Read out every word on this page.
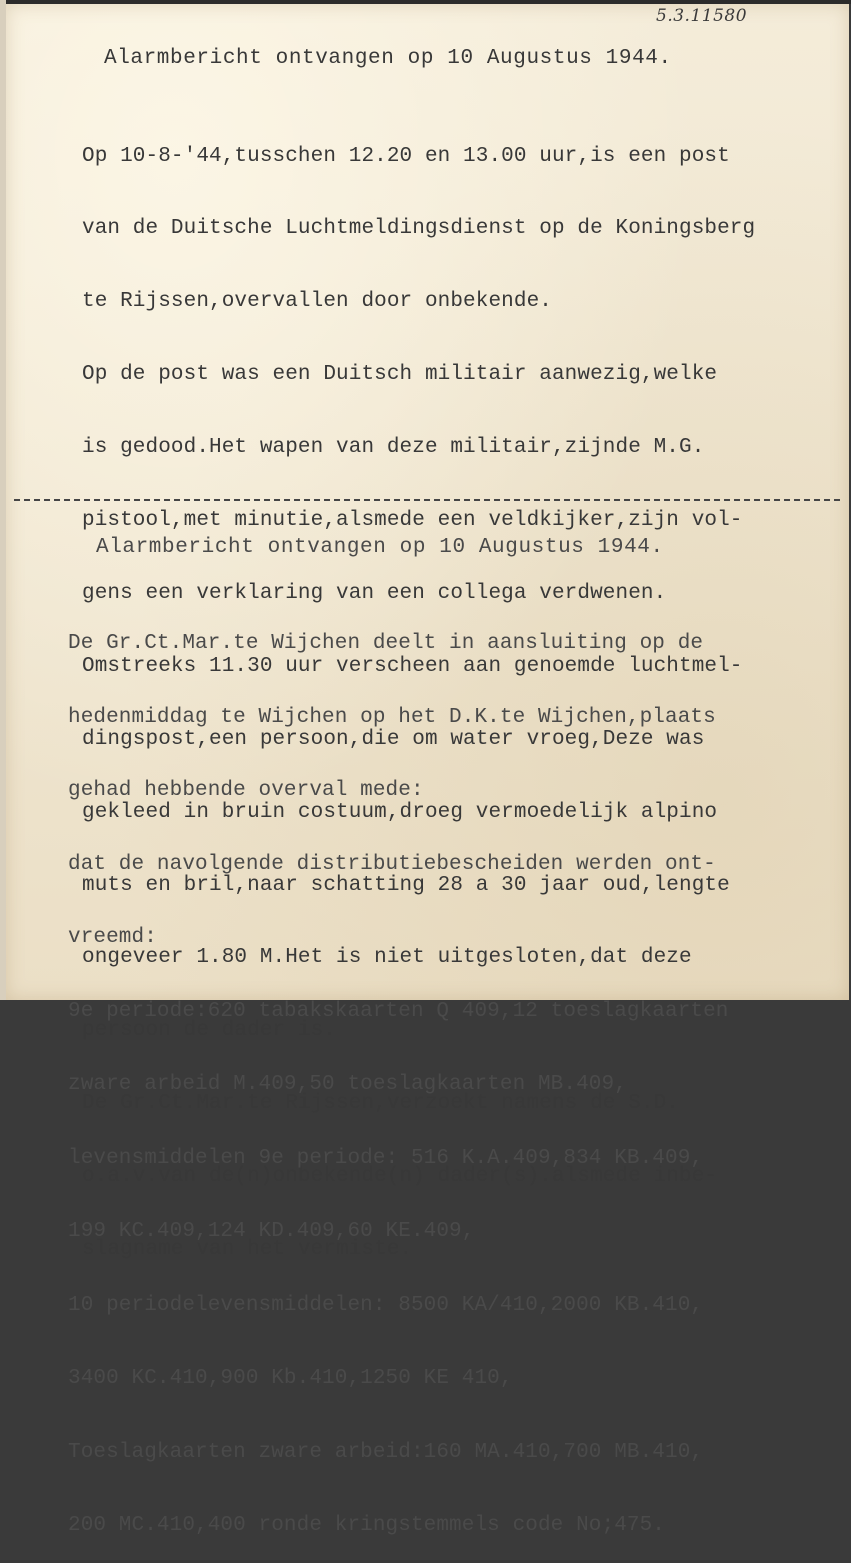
5.3.11580
Alarmbericht ontvangen op 10 Augustus 1944.

Op 10-8-'44,tusschen 12.20 en 13.00 uur,is een post

van de Duitsche Luchtmeldingsdienst op de Koningsberg

te Rijssen,overvallen door onbekende.

Op de post was een Duitsch militair aanwezig,welke

is gedood.Het wapen van deze militair,zijnde M.G.

pistool,met minutie,alsmede een veldkijker,zijn vol-

gens een verklaring van een collega verdwenen.

Omstreeks 11.30 uur verscheen aan genoemde luchtmel-

dingspost,een persoon,die om water vroeg,Deze was

gekleed in bruin costuum,droeg vermoedelijk alpino

muts en bril,naar schatting 28 a 30 jaar oud,lengte

ongeveer 1.80 M.Het is niet uitgesloten,dat deze

persoon de dader is.

De Gr.Ct.Mar.te Rijssen,verzoekt namens de S.D.

o.a.v.van de(n)onbekende(n) dader(s).alsmede inbe-

slagname van het vermiste.

Alarmbericht ontvangen op 10 Augustus 1944.

De Gr.Ct.Mar.te Wijchen deelt in aansluiting op de

hedenmiddag te Wijchen op het D.K.te Wijchen,plaats

gehad hebbende overval mede:

dat de navolgende distributiebescheiden werden ont-

vreemd:

9e periode:620 tabakskaarten Q 409,12 toeslagkaarten

zware arbeid M.409,50 toeslagkaarten MB.409,

levensmiddelen 9e periode: 516 K.A.409,834 KB.409,

199 KC.409,124 KD.409,60 KE.409,

10 periodelevensmiddelen: 8500 KA/410,2000 KB.410,

3400 KC.410,900 Kb.410,1250 KE 410,

Toeslagkaarten zware arbeid:160 MA.410,700 MB.410,

200 MC.410,400 ronde kringstemmels code No;475.
